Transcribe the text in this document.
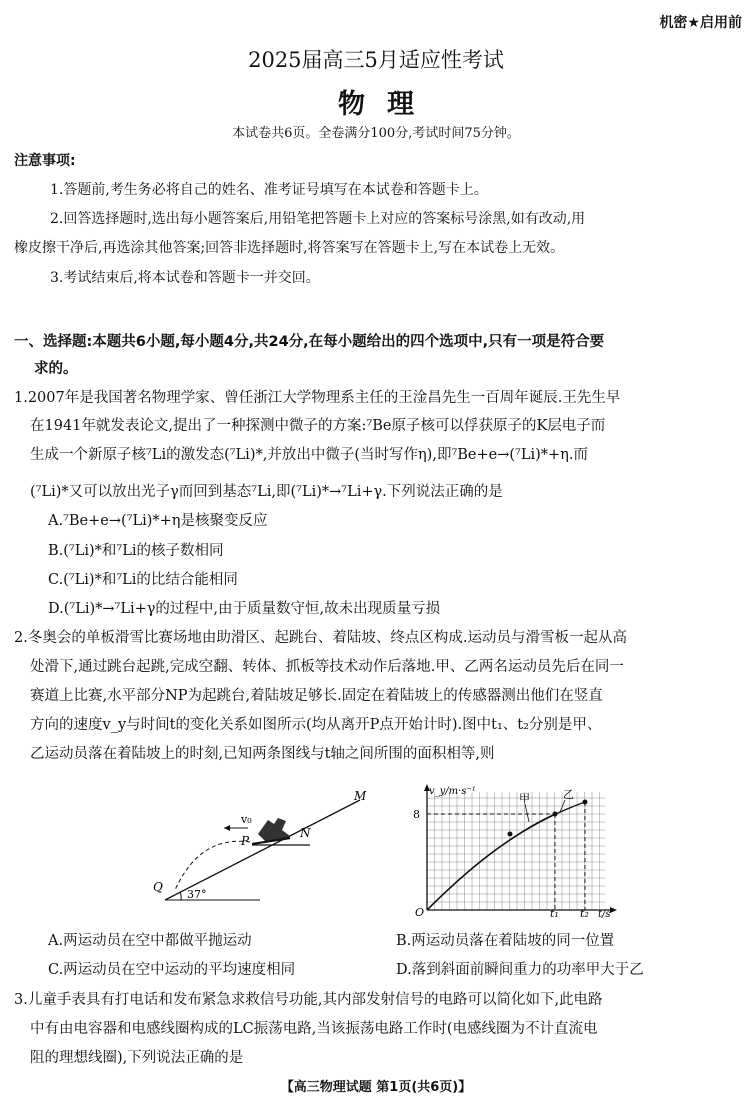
机密★启用前
2025届高三5月适应性考试
物理
本试卷共6页。全卷满分100分,考试时间75分钟。
注意事项:
1.答题前,考生务必将自己的姓名、准考证号填写在本试卷和答题卡上。
2.回答选择题时,选出每小题答案后,用铅笔把答题卡上对应的答案标号涂黑,如有改动,用
橡皮擦干净后,再选涂其他答案;回答非选择题时,将答案写在答题卡上,写在本试卷上无效。
3.考试结束后,将本试卷和答题卡一并交回。
一、选择题:本题共6小题,每小题4分,共24分,在每小题给出的四个选项中,只有一项是符合要
求的。
1.2007年是我国著名物理学家、曾任浙江大学物理系主任的王淦昌先生一百周年诞辰.王先生早
在1941年就发表论文,提出了一种探测中微子的方案:⁷Be原子核可以俘获原子的K层电子而
生成一个新原子核⁷Li的激发态(⁷Li)*,并放出中微子(当时写作η),即⁷Be+e→(⁷Li)*+η.而
(⁷Li)*又可以放出光子γ而回到基态⁷Li,即(⁷Li)*→⁷Li+γ.下列说法正确的是
A.⁷Be+e→(⁷Li)*+η是核聚变反应
B.(⁷Li)*和⁷Li的核子数相同
C.(⁷Li)*和⁷Li的比结合能相同
D.(⁷Li)*→⁷Li+γ的过程中,由于质量数守恒,故未出现质量亏损
2.冬奥会的单板滑雪比赛场地由助滑区、起跳台、着陆坡、终点区构成.运动员与滑雪板一起从高
处滑下,通过跳台起跳,完成空翻、转体、抓板等技术动作后落地.甲、乙两名运动员先后在同一
赛道上比赛,水平部分NP为起跳台,着陆坡足够长.固定在着陆坡上的传感器测出他们在竖直
方向的速度v_y与时间t的变化关系如图所示(均从离开P点开始计时).图中t₁、t₂分别是甲、
乙运动员落在着陆坡上的时刻,已知两条图线与t轴之间所围的面积相等,则
M
N
P
Q
v₀
37°
v_y/m·s⁻¹
8
O	t₁ t₂ t/s
甲	乙
A.两运动员在空中都做平抛运动	B.两运动员落在着陆坡的同一位置
C.两运动员在空中运动的平均速度相同	D.落到斜面前瞬间重力的功率甲大于乙
3.儿童手表具有打电话和发布紧急求救信号功能,其内部发射信号的电路可以简化如下,此电路
中有由电容器和电感线圈构成的LC振荡电路,当该振荡电路工作时(电感线圈为不计直流电
阻的理想线圈),下列说法正确的是
【高三物理试题 第1页(共6页)】
